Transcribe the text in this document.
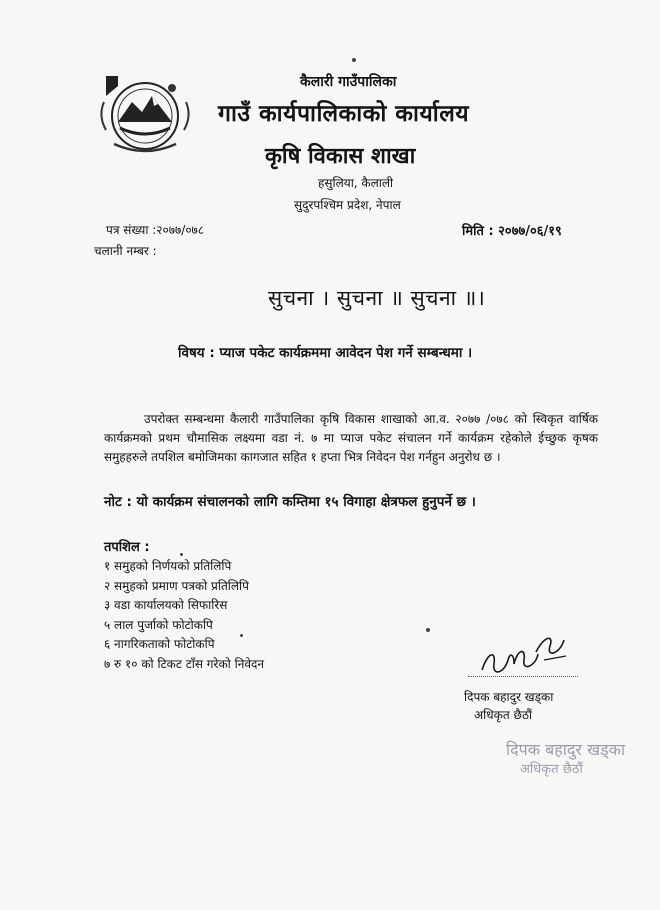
कैलारी गाउँपालिका
गाउँ कार्यपालिकाको कार्यालय
कृषि विकास शाखा
हसुलिया, कैलाली
सुदुरपश्चिम प्रदेश, नेपाल
पत्र संख्या :२०७७/०७८
चलानी नम्बर :
मिति : २०७७/०६/१९
सुचना । सुचना ॥ सुचना ॥।
विषय : प्याज पकेट कार्यक्रममा आवेदन पेश गर्ने सम्बन्धमा ।

उपरोक्त सम्बन्धमा कैलारी गाउँपालिका कृषि विकास शाखाको आ.व. २०७७ /०७८ को स्विकृत वार्षिक कार्यक्रमको प्रथम चौमासिक लक्ष्यमा वडा नं. ७ मा प्याज पकेट संचालन गर्ने कार्यक्रम रहेकोले ईच्छुक कृषक समुहहरुले तपशिल बमोजिमका कागजात सहित १ हप्ता भित्र निवेदन पेश गर्नहुन अनुरोध छ ।

नोट : यो कार्यक्रम संचालनको लागि कम्तिमा १५ विगाहा क्षेत्रफल हुनुपर्ने छ ।
तपशिल :
१ समुहको निर्णयको प्रतिलिपि
२ समुहको प्रमाण पत्रको प्रतिलिपि
३ वडा कार्यालयको सिफारिस
५ लाल पुर्जाको फोटोकपि
६ नागरिकताको फोटोकपि
७ रु १० को टिकट टाँस गरेको निवेदन
दिपक बहादुर खड्का
अधिकृत छैठौं
दिपक बहादुर खड्का
अधिकृत छैठौं
